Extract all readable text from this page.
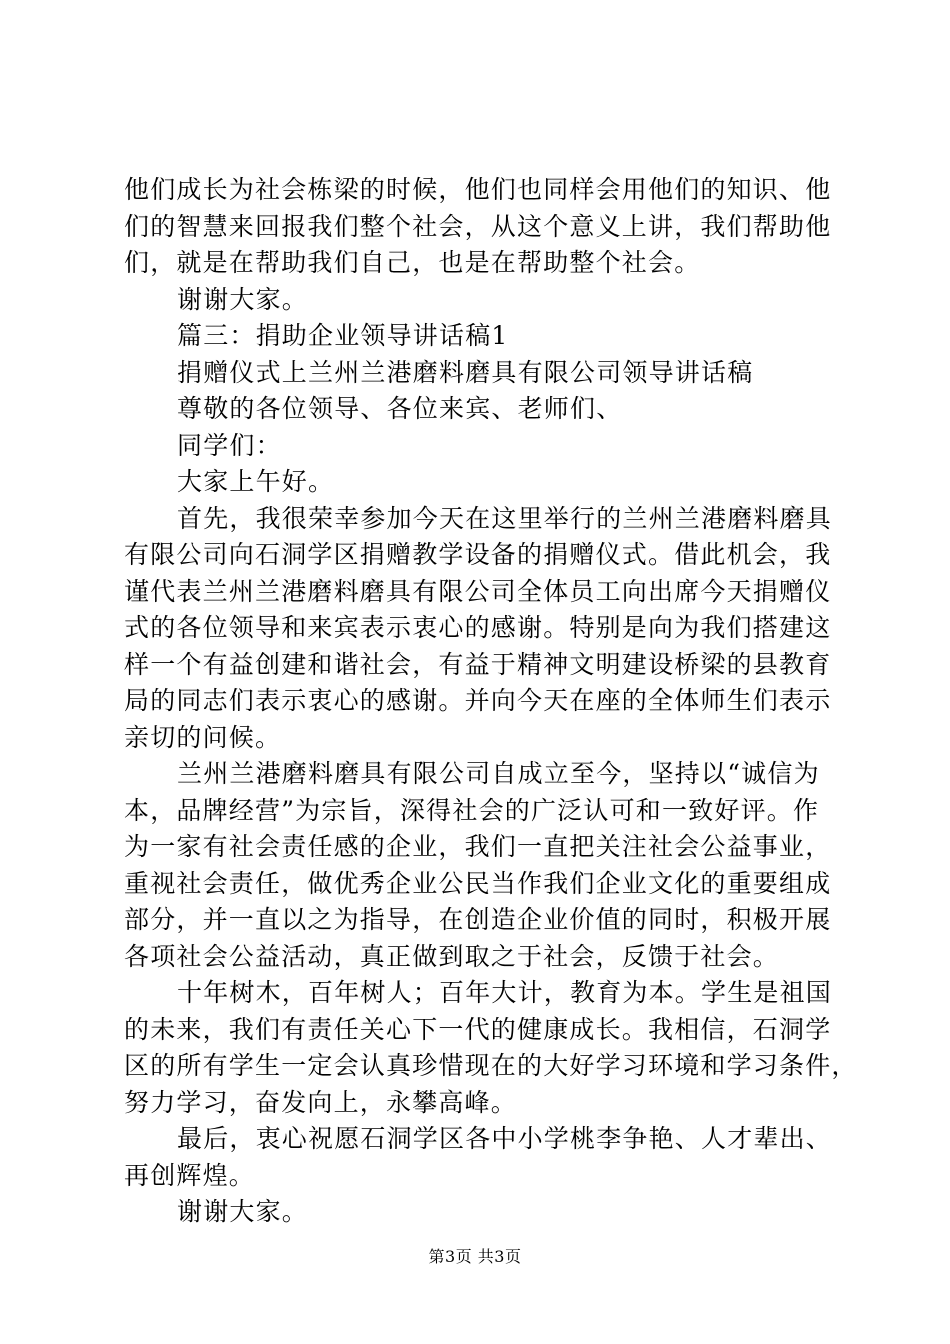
他们成长为社会栋梁的时候，他们也同样会用他们的知识、他
们的智慧来回报我们整个社会，从这个意义上讲，我们帮助他
们，就是在帮助我们自己，也是在帮助整个社会。
谢谢大家。
篇三：捐助企业领导讲话稿1
捐赠仪式上兰州兰港磨料磨具有限公司领导讲话稿
尊敬的各位领导、各位来宾、老师们、
同学们：
大家上午好。
首先，我很荣幸参加今天在这里举行的兰州兰港磨料磨具
有限公司向石洞学区捐赠教学设备的捐赠仪式。借此机会，我
谨代表兰州兰港磨料磨具有限公司全体员工向出席今天捐赠仪
式的各位领导和来宾表示衷心的感谢。特别是向为我们搭建这
样一个有益创建和谐社会，有益于精神文明建设桥梁的县教育
局的同志们表示衷心的感谢。并向今天在座的全体师生们表示
亲切的问候。
兰州兰港磨料磨具有限公司自成立至今，坚持以“诚信为
本，品牌经营”为宗旨，深得社会的广泛认可和一致好评。作
为一家有社会责任感的企业，我们一直把关注社会公益事业，
重视社会责任，做优秀企业公民当作我们企业文化的重要组成
部分，并一直以之为指导，在创造企业价值的同时，积极开展
各项社会公益活动，真正做到取之于社会，反馈于社会。
十年树木，百年树人；百年大计，教育为本。学生是祖国
的未来，我们有责任关心下一代的健康成长。我相信，石洞学
区的所有学生一定会认真珍惜现在的大好学习环境和学习条件，
努力学习，奋发向上，永攀高峰。
最后，衷心祝愿石洞学区各中小学桃李争艳、人才辈出、
再创辉煌。
谢谢大家。
第3页 共3页
